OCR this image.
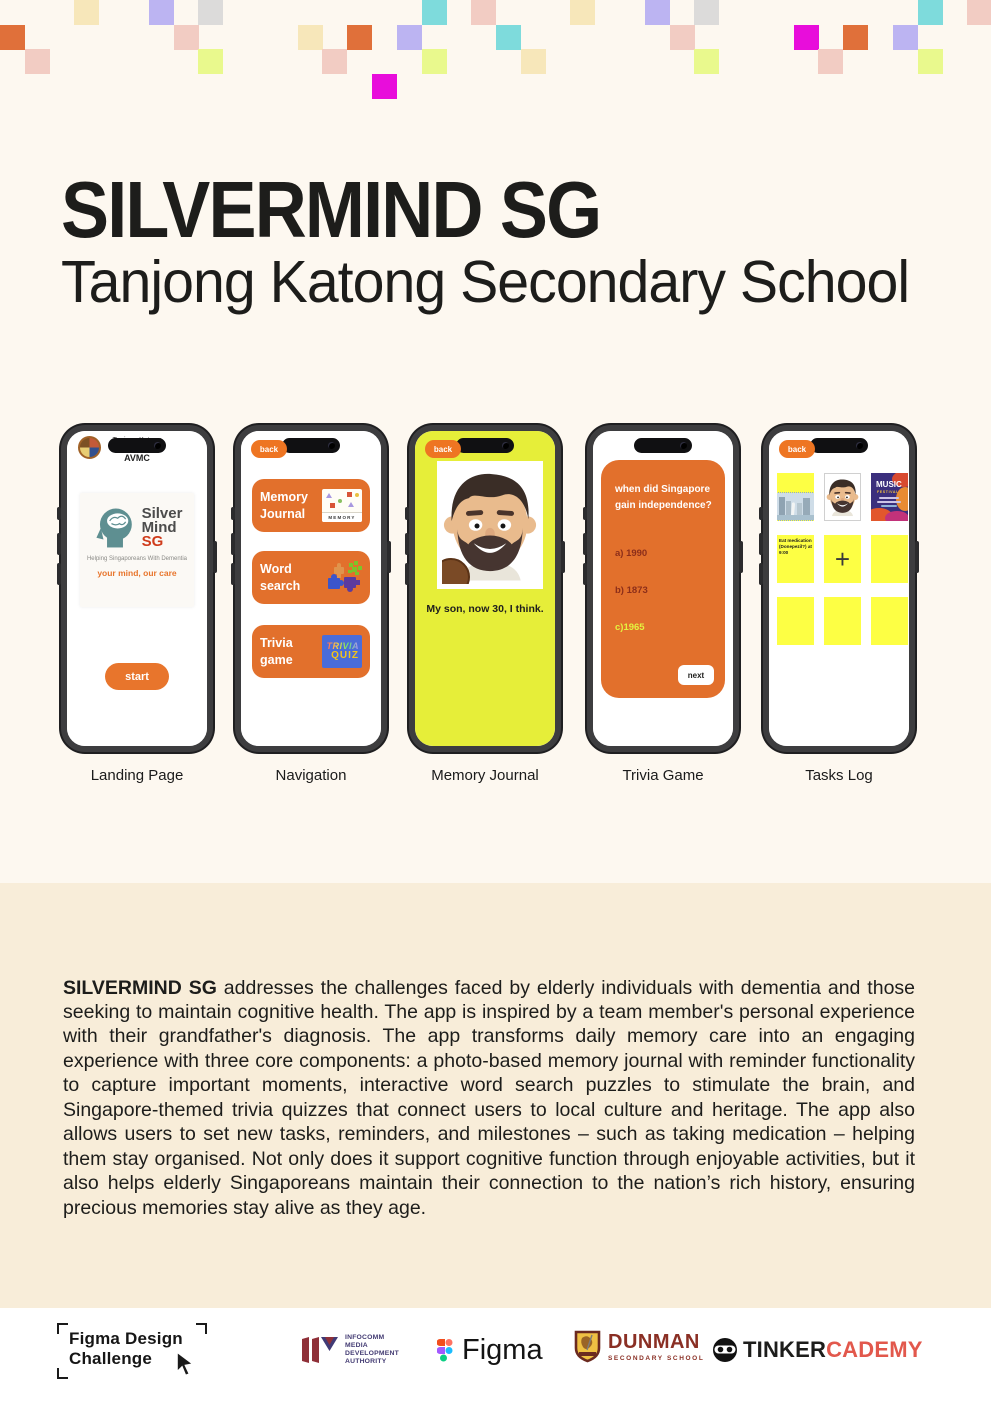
SILVERMIND SG
Tanjong Katong Secondary School
AVMC
Silver
Mind
SG
Helping Singaporeans With Dementia
your mind, our care
start
back
Memory
Journal	MEMORY
Word
search
Trivia
game
TRIVIA
QUIZ
back
My son, now 30, I think.
when did Singapore
gain independence?
a) 1990
b) 1873
c)1965
next
back
MUSIC
FESTIVAL
Eat medication (Donepezil?) at 9:00	+
Landing Page	Navigation	Memory Journal	Trivia Game	Tasks Log

SILVERMIND SG addresses the challenges faced by elderly individuals with dementia and those seeking to maintain cognitive health. The app is inspired by a team member's personal experience with their grandfather's diagnosis. The app transforms daily memory care into an engaging experience with three core components: a photo-based memory journal with reminder functionality to capture important moments, interactive word search puzzles to stimulate the brain, and Singapore-themed trivia quizzes that connect users to local culture and heritage. The app also allows users to set new tasks, reminders, and milestones – such as taking medication – helping them stay organised. Not only does it support cognitive function through enjoyable activities, but it also helps elderly Singaporeans maintain their connection to the nation’s rich history, ensuring precious memories stay alive as they age.

Figma Design
Challenge
INFOCOMM
MEDIA
DEVELOPMENT
AUTHORITY	Figma	DUNMAN
SECONDARY SCHOOL TINKERCADEMY
